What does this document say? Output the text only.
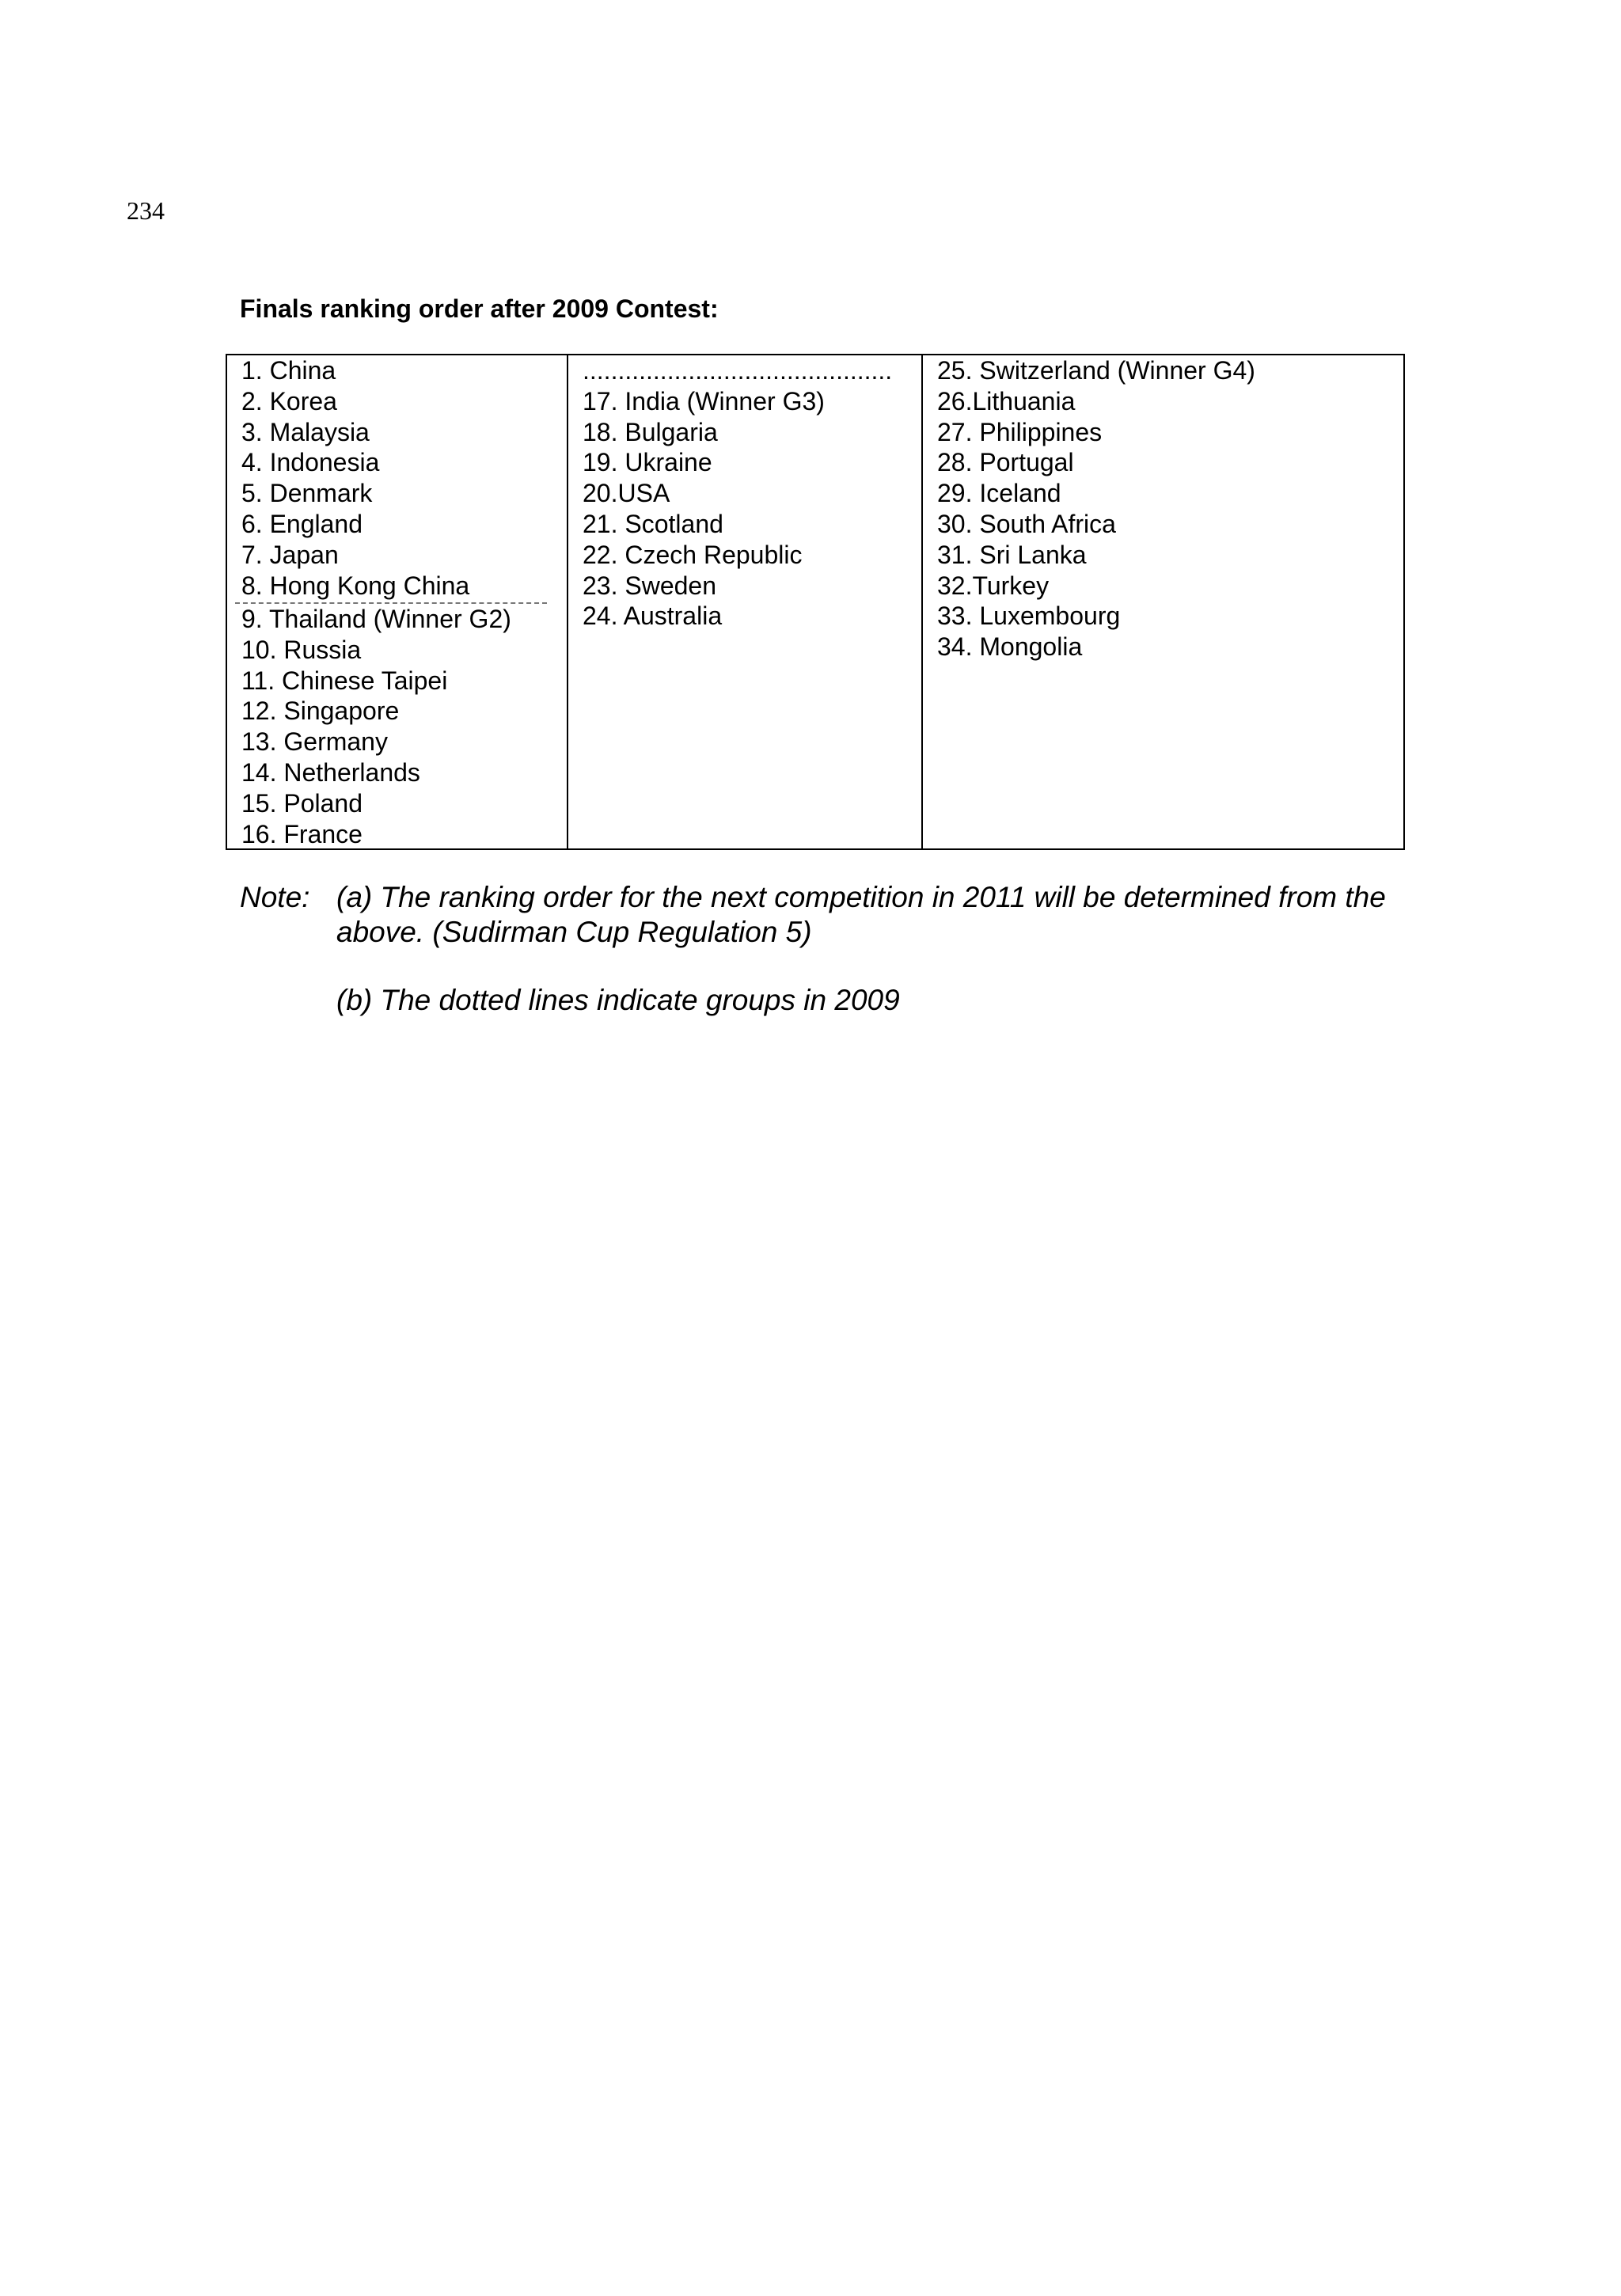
234
Finals ranking order after 2009 Contest:
1. China
2. Korea
3. Malaysia
4. Indonesia
5. Denmark
6. England
7. Japan
8. Hong Kong China
9. Thailand (Winner G2)
10. Russia
11. Chinese Taipei
12. Singapore
13. Germany
14. Netherlands
15. Poland
16. France
............................................
17. India (Winner G3)
18. Bulgaria
19. Ukraine
20.USA
21. Scotland
22. Czech Republic
23. Sweden
24. Australia
25. Switzerland (Winner G4)
26.Lithuania
27. Philippines
28. Portugal
29. Iceland
30. South Africa
31. Sri Lanka
32.Turkey
33. Luxembourg
34. Mongolia
Note: (a) The ranking order for the next competition in 2011 will be determined from the above. (Sudirman Cup Regulation 5)
(b) The dotted lines indicate groups in 2009
